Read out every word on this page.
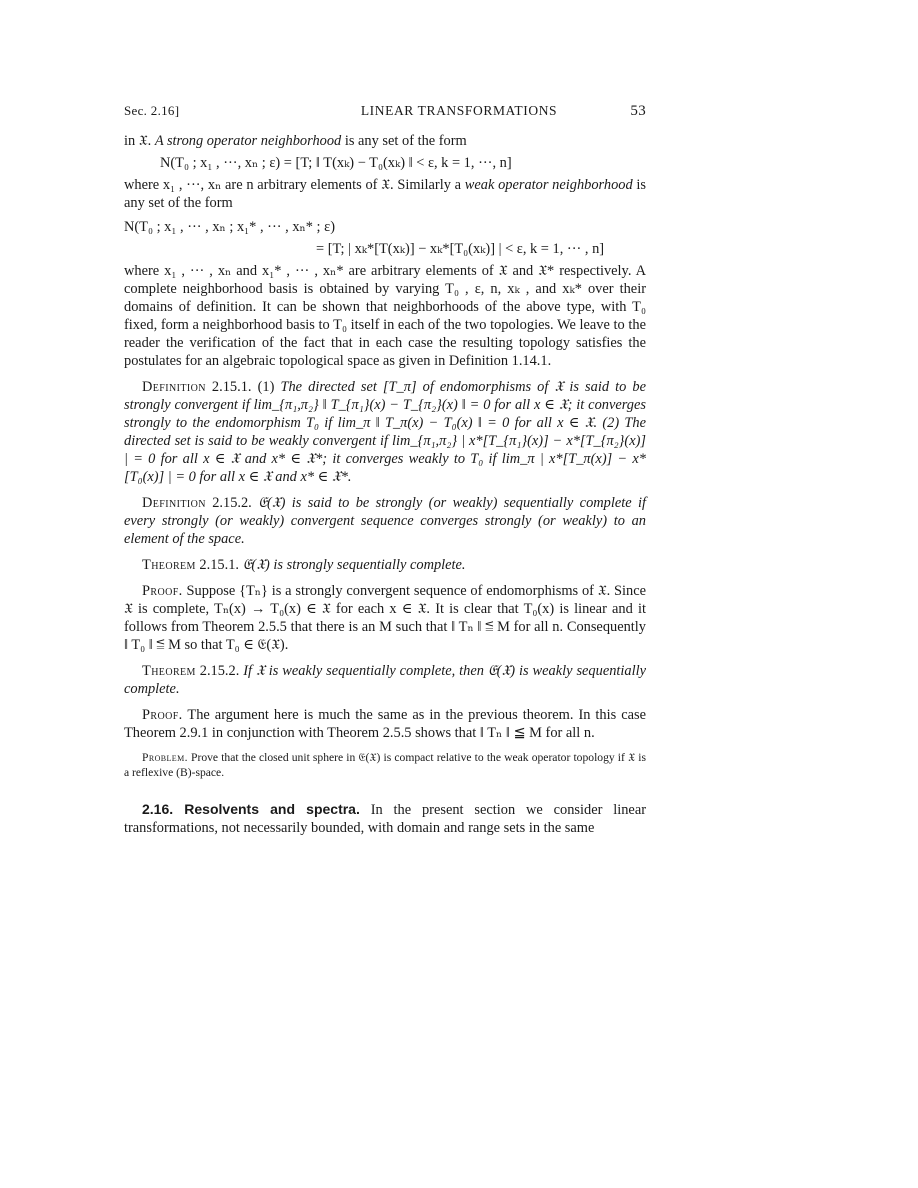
Sec. 2.16]	LINEAR TRANSFORMATIONS	53

in 𝔛. A strong operator neighborhood is any set of the form

N(T₀ ; x₁ , ···, xₙ ; ε) = [T; ‖ T(xₖ) − T₀(xₖ) ‖ < ε, k = 1, ···, n]

where x₁ , ···, xₙ are n arbitrary elements of 𝔛. Similarly a weak operator neighborhood is any set of the form

N(T₀ ; x₁ , ··· , xₙ ; x₁* , ··· , xₙ* ; ε)

= [T; | xₖ*[T(xₖ)] − xₖ*[T₀(xₖ)] | < ε, k = 1, ··· , n]

where x₁ , ··· , xₙ and x₁* , ··· , xₙ* are arbitrary elements of 𝔛 and 𝔛* respectively. A complete neighborhood basis is obtained by varying T₀ , ε, n, xₖ , and xₖ* over their domains of definition. It can be shown that neighborhoods of the above type, with T₀ fixed, form a neighborhood basis to T₀ itself in each of the two topologies. We leave to the reader the verification of the fact that in each case the resulting topology satisfies the postulates for an algebraic topological space as given in Definition 1.14.1.

Definition 2.15.1. (1) The directed set [T_π] of endomorphisms of 𝔛 is said to be strongly convergent if lim_{π₁,π₂} ‖ T_{π₁}(x) − T_{π₂}(x) ‖ = 0 for all x ∈ 𝔛; it converges strongly to the endomorphism T₀ if lim_π ‖ T_π(x) − T₀(x) ‖ = 0 for all x ∈ 𝔛. (2) The directed set is said to be weakly convergent if lim_{π₁,π₂} | x*[T_{π₁}(x)] − x*[T_{π₂}(x)] | = 0 for all x ∈ 𝔛 and x* ∈ 𝔛*; it converges weakly to T₀ if lim_π | x*[T_π(x)] − x*[T₀(x)] | = 0 for all x ∈ 𝔛 and x* ∈ 𝔛*.

Definition 2.15.2. 𝔈(𝔛) is said to be strongly (or weakly) sequentially complete if every strongly (or weakly) convergent sequence converges strongly (or weakly) to an element of the space.

Theorem 2.15.1. 𝔈(𝔛) is strongly sequentially complete.

Proof. Suppose {Tₙ} is a strongly convergent sequence of endomorphisms of 𝔛. Since 𝔛 is complete, Tₙ(x) → T₀(x) ∈ 𝔛 for each x ∈ 𝔛. It is clear that T₀(x) is linear and it follows from Theorem 2.5.5 that there is an M such that ‖ Tₙ ‖ ≦ M for all n. Consequently ‖ T₀ ‖ ≦ M so that T₀ ∈ 𝔈(𝔛).

Theorem 2.15.2. If 𝔛 is weakly sequentially complete, then 𝔈(𝔛) is weakly sequentially complete.

Proof. The argument here is much the same as in the previous theorem. In this case Theorem 2.9.1 in conjunction with Theorem 2.5.5 shows that ‖ Tₙ ‖ ≦ M for all n.

Problem. Prove that the closed unit sphere in 𝔈(𝔛) is compact relative to the weak operator topology if 𝔛 is a reflexive (B)-space.

2.16. Resolvents and spectra. In the present section we consider linear transformations, not necessarily bounded, with domain and range sets in the same
